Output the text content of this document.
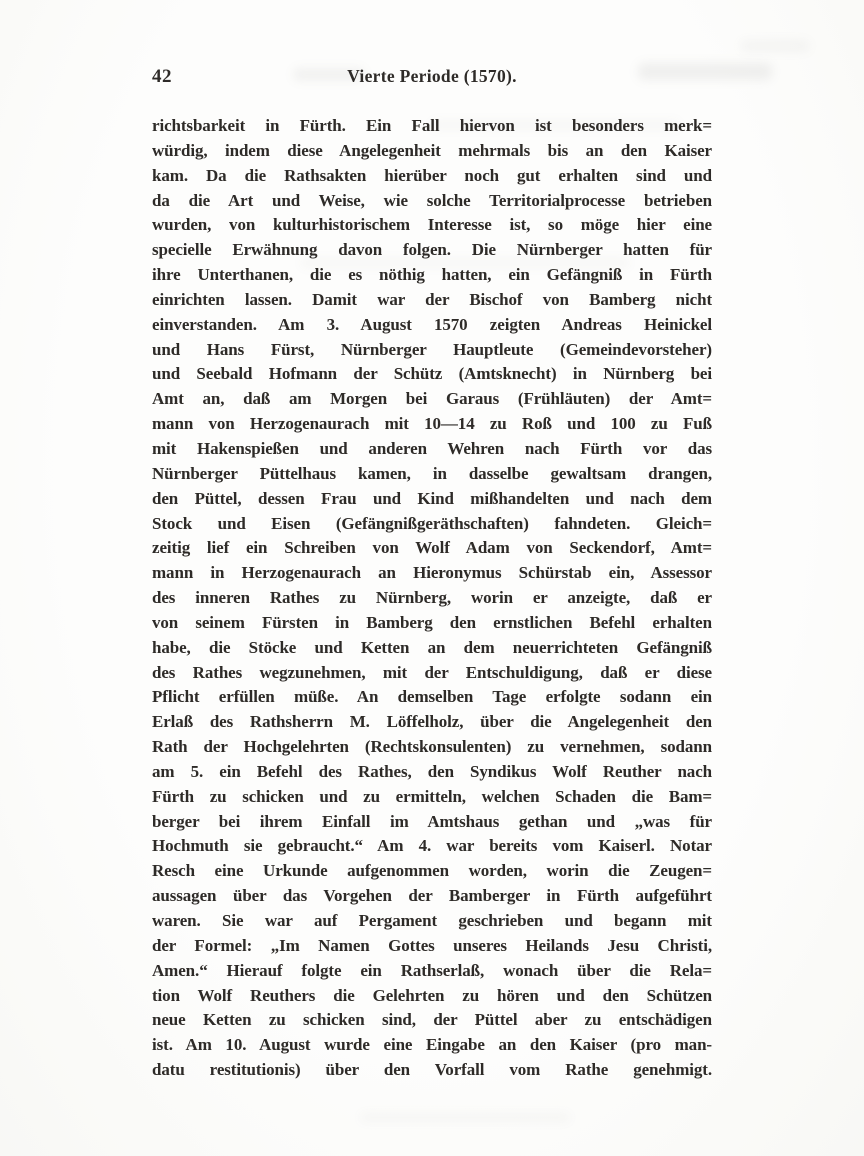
42	Vierte Periode (1570).
richtsbarkeit in Fürth. Ein Fall hiervon ist besonders merk=
würdig, indem diese Angelegenheit mehrmals bis an den Kaiser
kam. Da die Rathsakten hierüber noch gut erhalten sind und
da die Art und Weise, wie solche Territorialprocesse betrieben
wurden, von kulturhistorischem Interesse ist, so möge hier eine
specielle Erwähnung davon folgen. Die Nürnberger hatten für
ihre Unterthanen, die es nöthig hatten, ein Gefängniß in Fürth
einrichten lassen. Damit war der Bischof von Bamberg nicht
einverstanden. Am 3. August 1570 zeigten Andreas Heinickel
und Hans Fürst, Nürnberger Hauptleute (Gemeindevorsteher)
und Seebald Hofmann der Schütz (Amtsknecht) in Nürnberg bei
Amt an, daß am Morgen bei Garaus (Frühläuten) der Amt=
mann von Herzogenaurach mit 10—14 zu Roß und 100 zu Fuß
mit Hakenspießen und anderen Wehren nach Fürth vor das
Nürnberger Püttelhaus kamen, in dasselbe gewaltsam drangen,
den Püttel, dessen Frau und Kind mißhandelten und nach dem
Stock und Eisen (Gefängnißgeräthschaften) fahndeten. Gleich=
zeitig lief ein Schreiben von Wolf Adam von Seckendorf, Amt=
mann in Herzogenaurach an Hieronymus Schürstab ein, Assessor
des inneren Rathes zu Nürnberg, worin er anzeigte, daß er
von seinem Fürsten in Bamberg den ernstlichen Befehl erhalten
habe, die Stöcke und Ketten an dem neuerrichteten Gefängniß
des Rathes wegzunehmen, mit der Entschuldigung, daß er diese
Pflicht erfüllen müße. An demselben Tage erfolgte sodann ein
Erlaß des Rathsherrn M. Löffelholz, über die Angelegenheit den
Rath der Hochgelehrten (Rechtskonsulenten) zu vernehmen, sodann
am 5. ein Befehl des Rathes, den Syndikus Wolf Reuther nach
Fürth zu schicken und zu ermitteln, welchen Schaden die Bam=
berger bei ihrem Einfall im Amtshaus gethan und „was für
Hochmuth sie gebraucht.“ Am 4. war bereits vom Kaiserl. Notar
Resch eine Urkunde aufgenommen worden, worin die Zeugen=
aussagen über das Vorgehen der Bamberger in Fürth aufgeführt
waren. Sie war auf Pergament geschrieben und begann mit
der Formel: „Im Namen Gottes unseres Heilands Jesu Christi,
Amen.“ Hierauf folgte ein Rathserlaß, wonach über die Rela=
tion Wolf Reuthers die Gelehrten zu hören und den Schützen
neue Ketten zu schicken sind, der Püttel aber zu entschädigen
ist. Am 10. August wurde eine Eingabe an den Kaiser (pro man-
datu restitutionis) über den Vorfall vom Rathe genehmigt.
